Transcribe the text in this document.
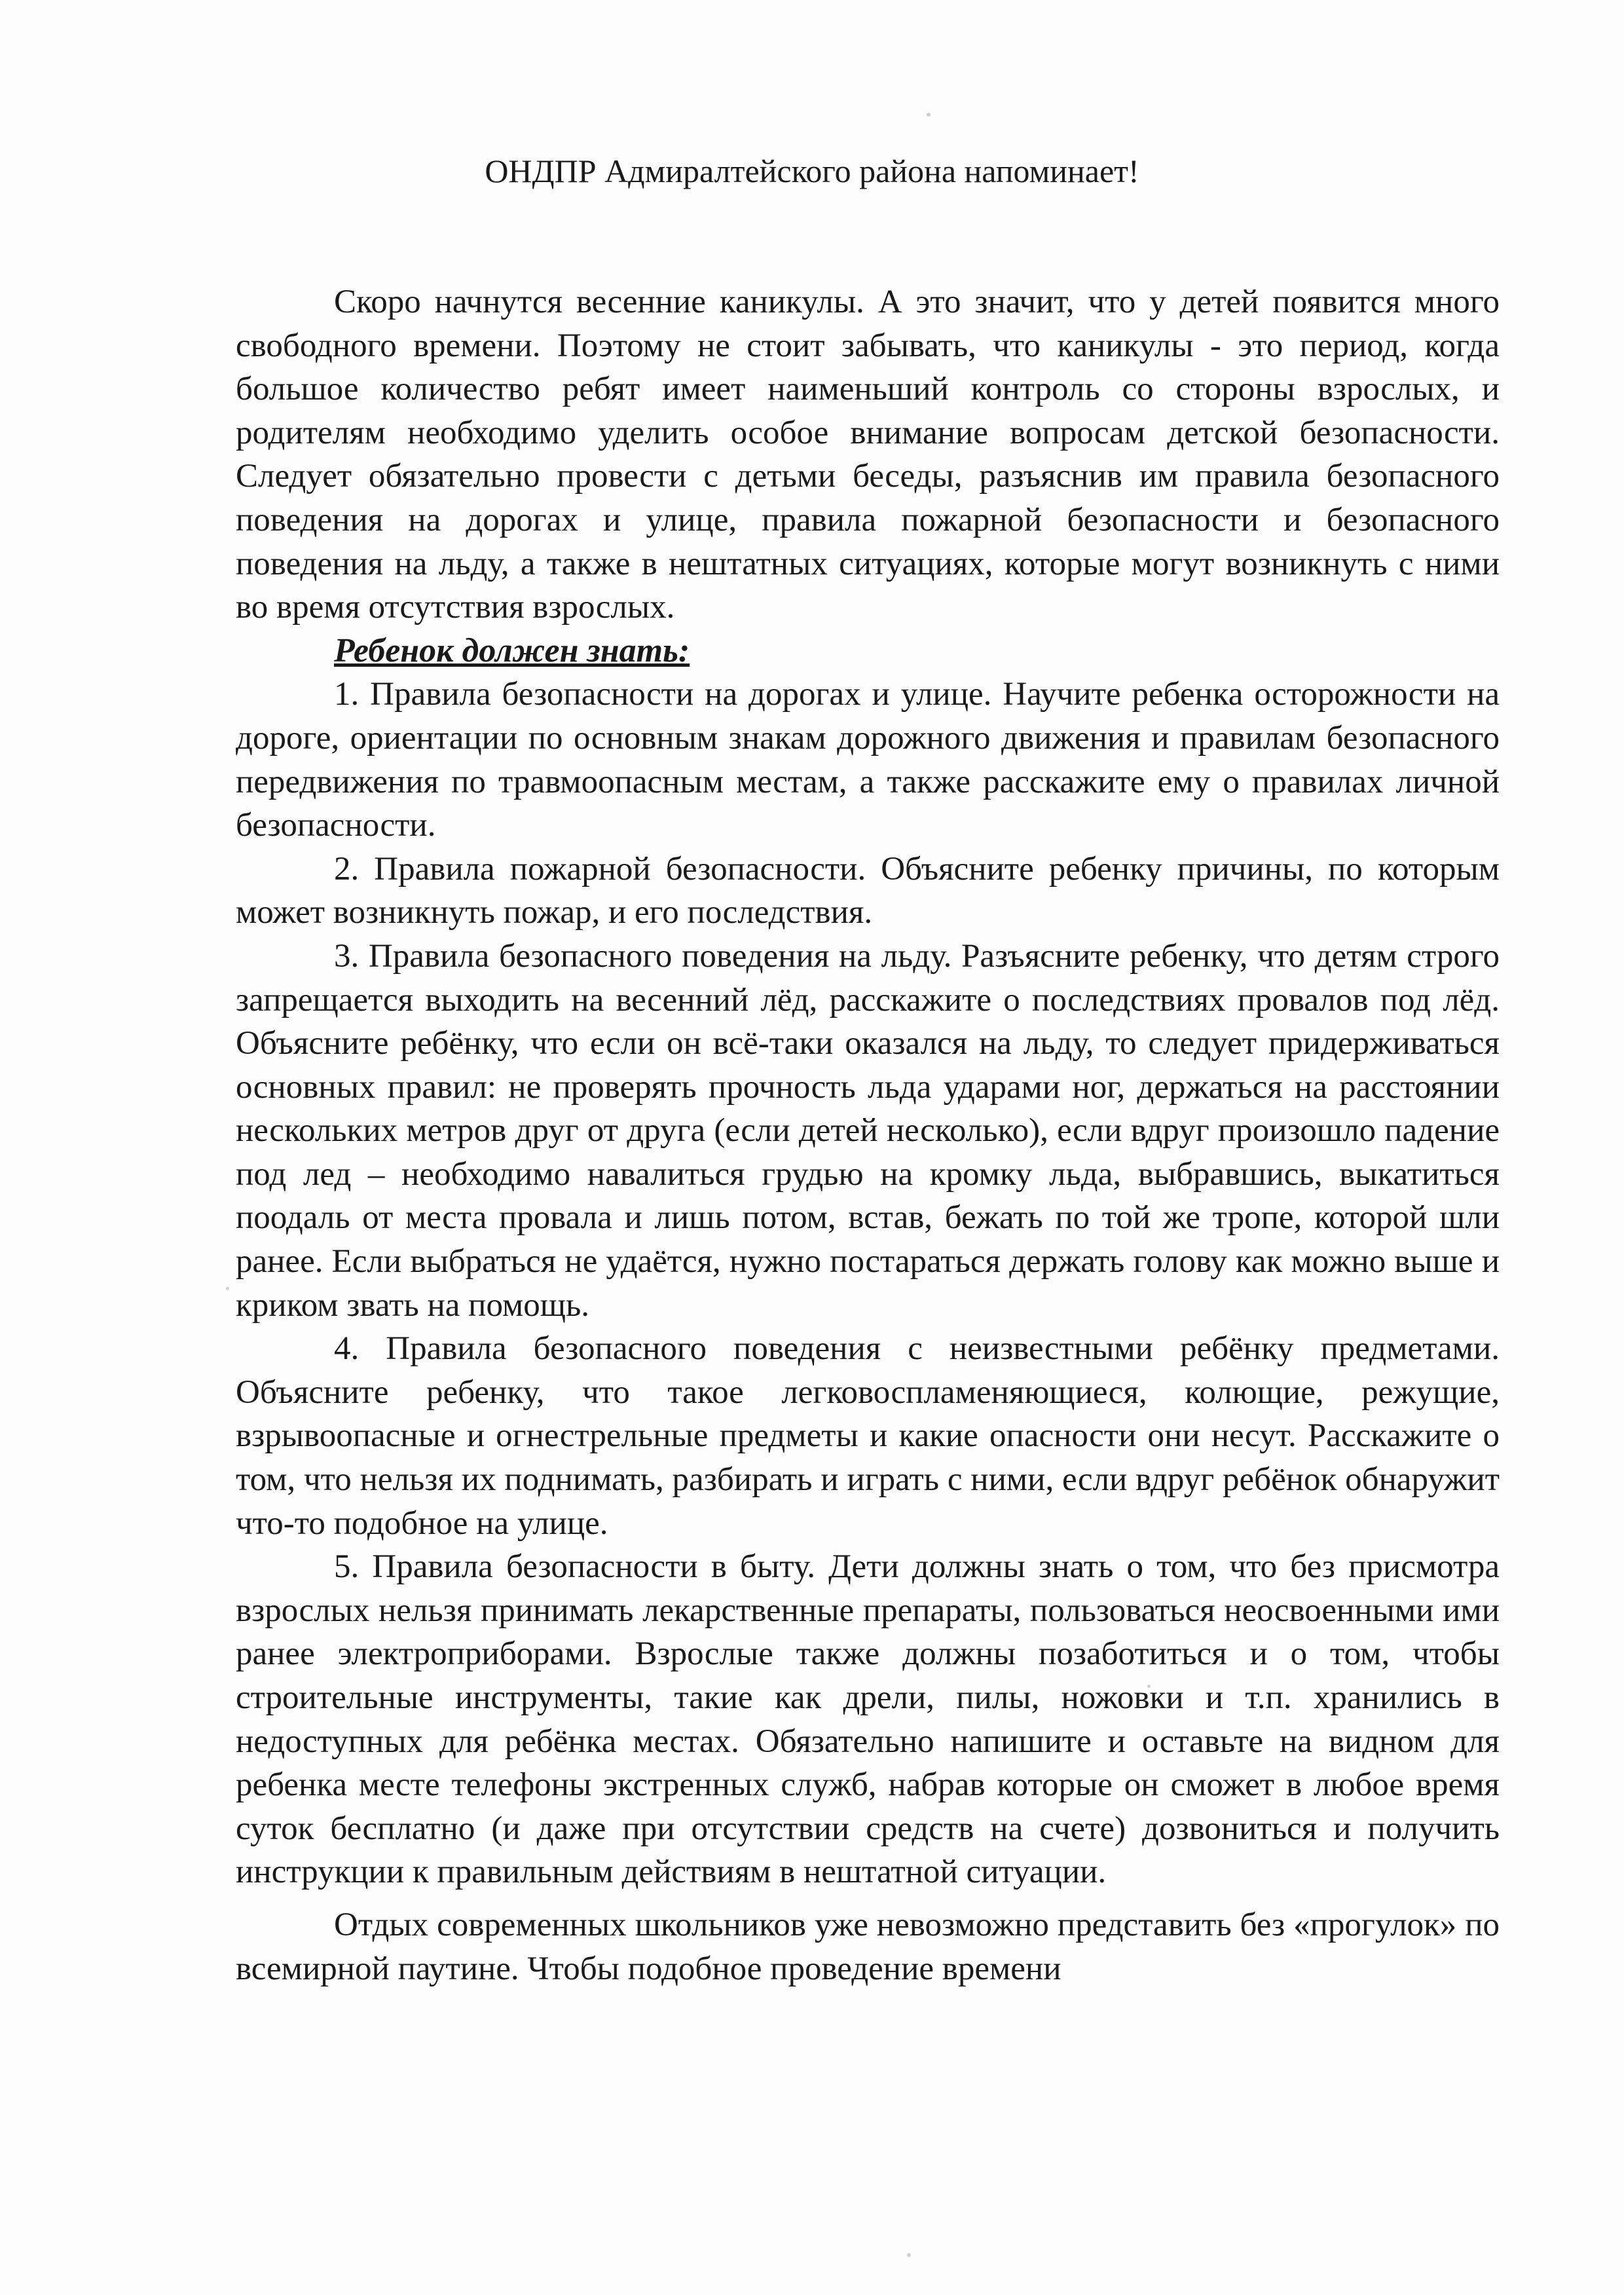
ОНДПР Адмиралтейского района напоминает!

Скоро начнутся весенние каникулы. А это значит, что у детей появится много свободного времени. Поэтому не стоит забывать, что каникулы - это период, когда большое количество ребят имеет наименьший контроль со стороны взрослых, и родителям необходимо уделить особое внимание вопросам детской безопасности. Следует обязательно провести с детьми беседы, разъяснив им правила безопасного поведения на дорогах и улице, правила пожарной безопасности и безопасного поведения на льду, а также в нештатных ситуациях, которые могут возникнуть с ними во время отсутствия взрослых.

Ребенок должен знать:

1. Правила безопасности на дорогах и улице. Научите ребенка осторожности на дороге, ориентации по основным знакам дорожного движения и правилам безопасного передвижения по травмоопасным местам, а также расскажите ему о правилах личной безопасности.

2. Правила пожарной безопасности. Объясните ребенку причины, по которым может возникнуть пожар, и его последствия.

3. Правила безопасного поведения на льду. Разъясните ребенку, что детям строго запрещается выходить на весенний лёд, расскажите о последствиях провалов под лёд. Объясните ребёнку, что если он всё-таки оказался на льду, то следует придерживаться основных правил: не проверять прочность льда ударами ног, держаться на расстоянии нескольких метров друг от друга (если детей несколько), если вдруг произошло падение под лед – необходимо навалиться грудью на кромку льда, выбравшись, выкатиться поодаль от места провала и лишь потом, встав, бежать по той же тропе, которой шли ранее. Если выбраться не удаётся, нужно постараться держать голову как можно выше и криком звать на помощь.

4. Правила безопасного поведения с неизвестными ребёнку предметами. Объясните ребенку, что такое легковоспламеняющиеся, колющие, режущие, взрывоопасные и огнестрельные предметы и какие опасности они несут. Расскажите о том, что нельзя их поднимать, разбирать и играть с ними, если вдруг ребёнок обнаружит что-то подобное на улице.

5. Правила безопасности в быту. Дети должны знать о том, что без присмотра взрослых нельзя принимать лекарственные препараты, пользоваться неосвоенными ими ранее электроприборами. Взрослые также должны позаботиться и о том, чтобы строительные инструменты, такие как дрели, пилы, ножовки и т.п. хранились в недоступных для ребёнка местах. Обязательно напишите и оставьте на видном для ребенка месте телефоны экстренных служб, набрав которые он сможет в любое время суток бесплатно (и даже при отсутствии средств на счете) дозвониться и получить инструкции к правильным действиям в нештатной ситуации.

Отдых современных школьников уже невозможно представить без «прогулок» по всемирной паутине. Чтобы подобное проведение времени
